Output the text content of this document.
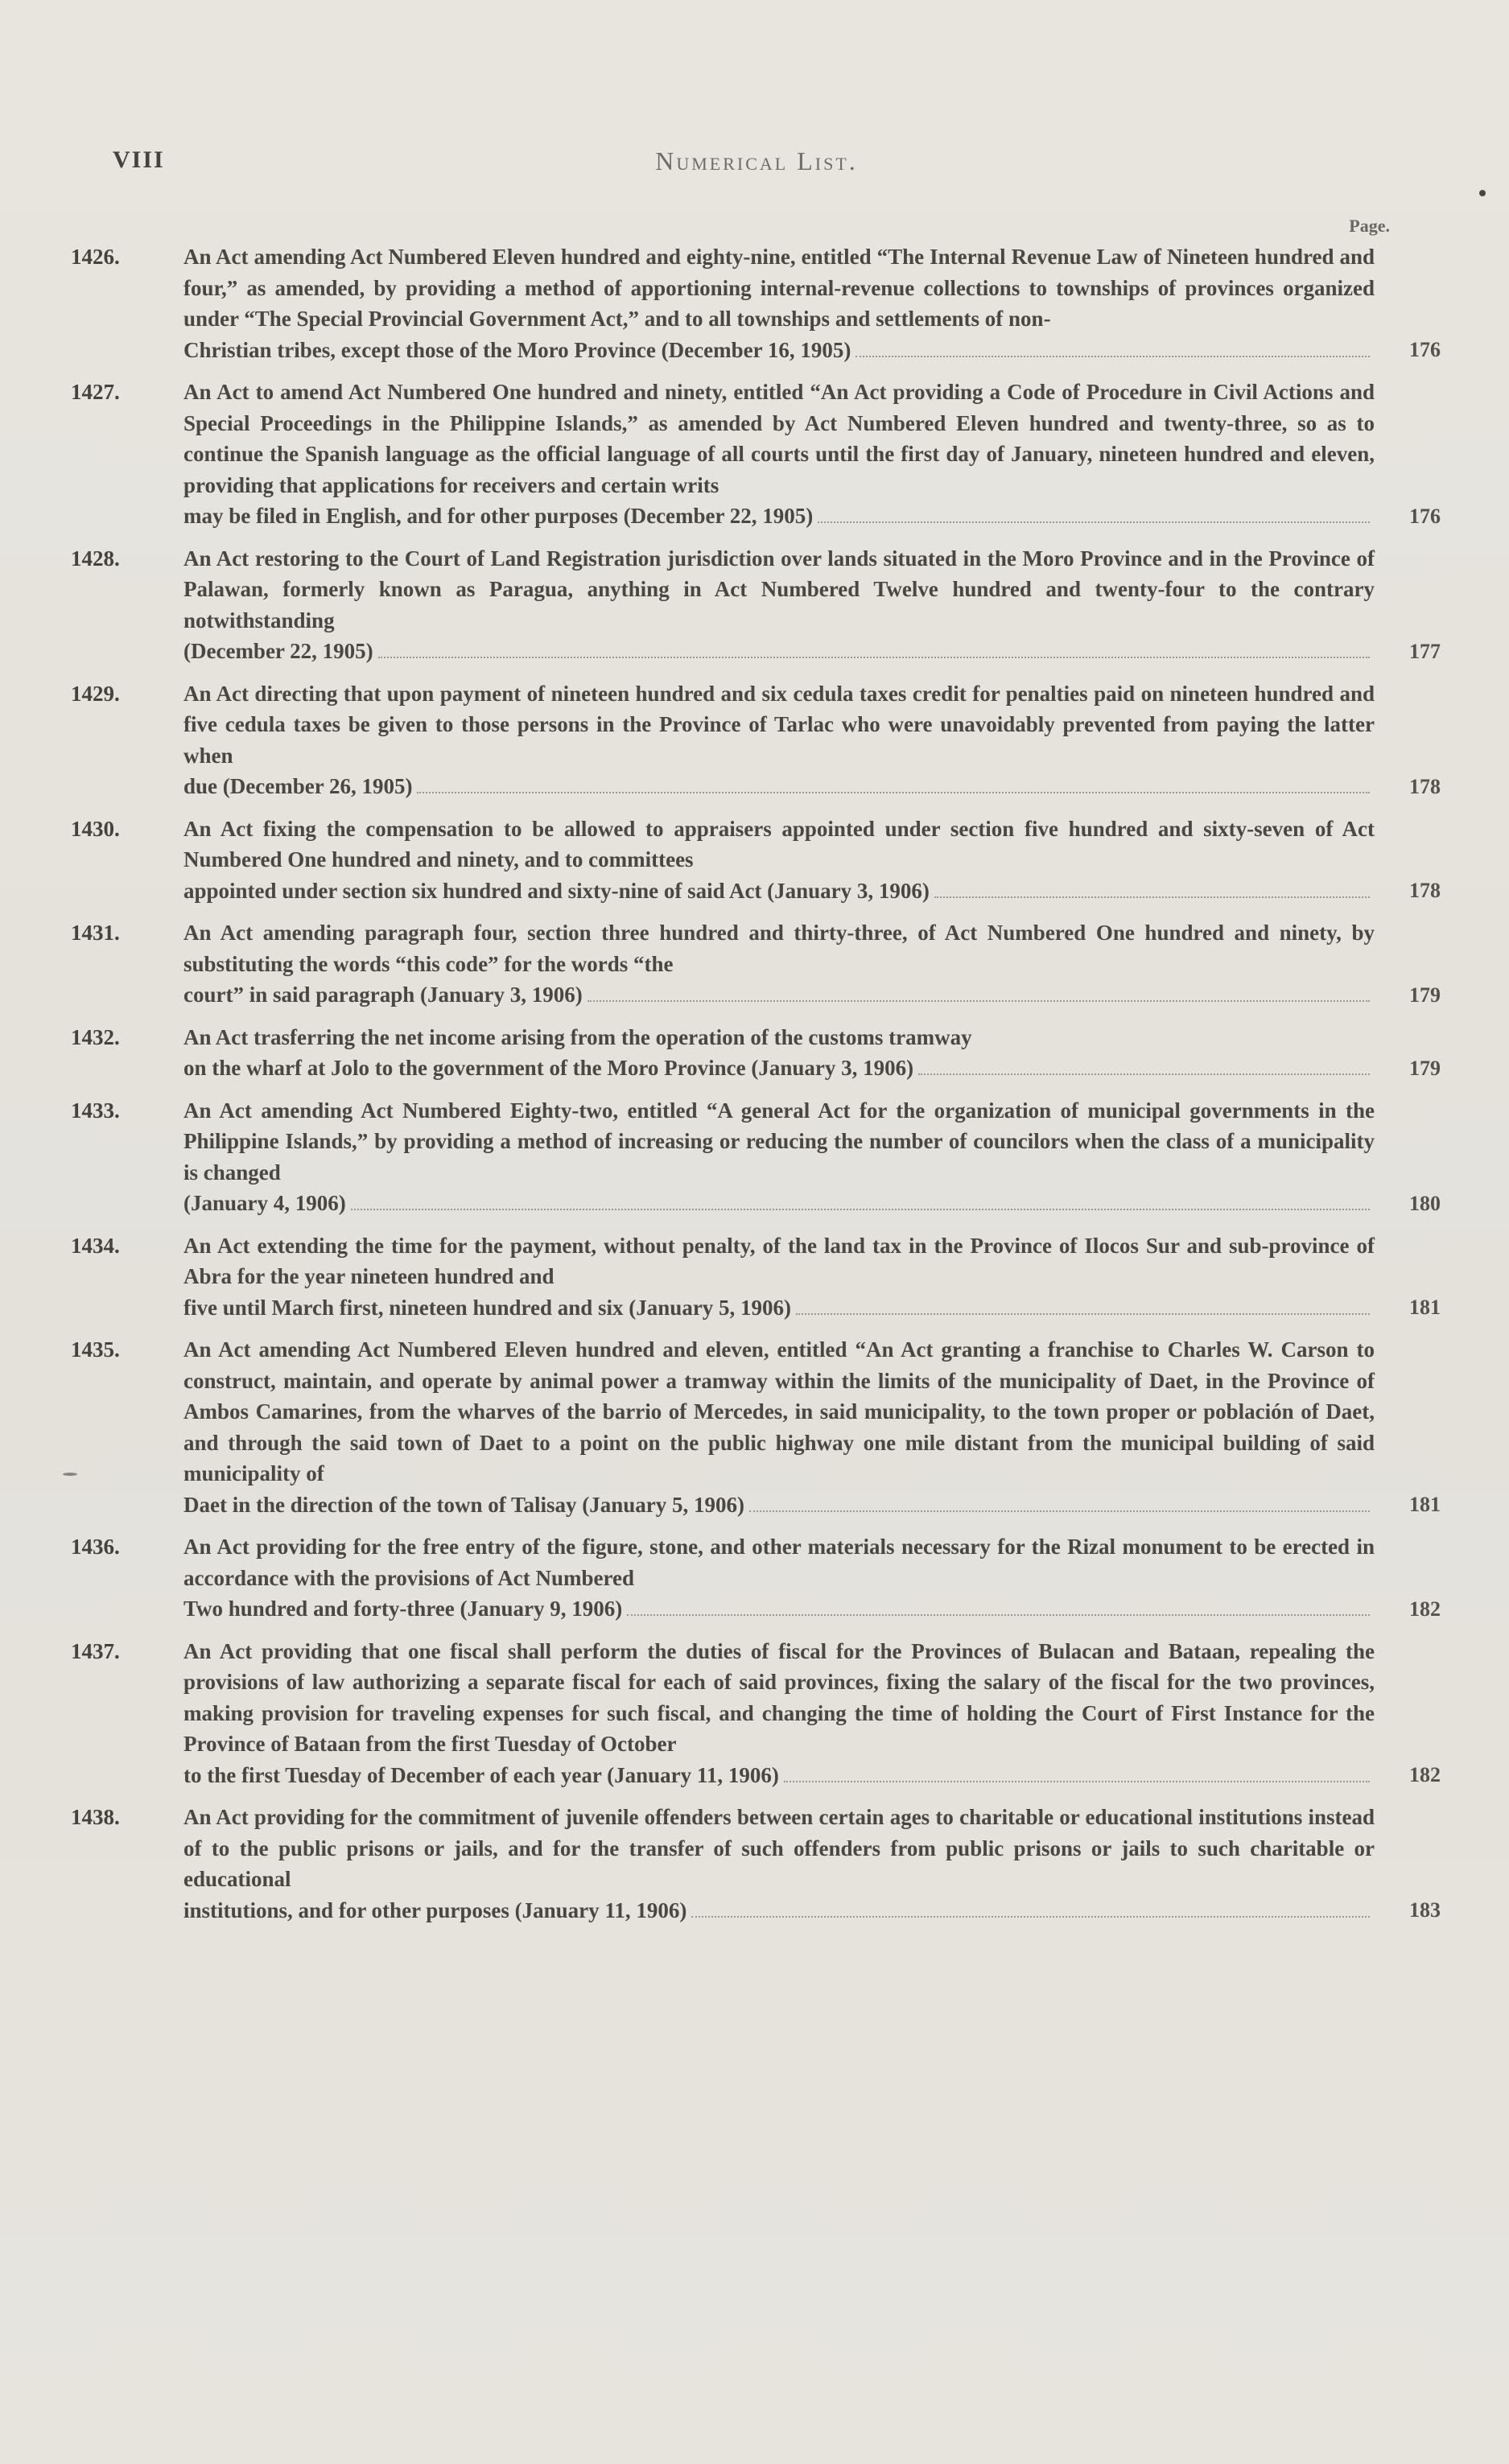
VIII	Numerical List.
Page.
1426.	An Act amending Act Numbered Eleven hundred and eighty-nine, entitled “The Internal Revenue Law of Nineteen hundred and four,” as amended, by providing a method of apportioning internal-revenue collections to townships of provinces organized under “The Special Provincial Government Act,” and to all townships and settlements of non-
Christian tribes, except those of the Moro Province (December 16, 1905)	176
1427.	An Act to amend Act Numbered One hundred and ninety, entitled “An Act providing a Code of Procedure in Civil Actions and Special Proceedings in the Philippine Islands,” as amended by Act Numbered Eleven hundred and twenty-three, so as to continue the Spanish language as the official language of all courts until the first day of January, nineteen hundred and eleven, providing that applications for receivers and certain writs
may be filed in English, and for other purposes (December 22, 1905)	176
1428.	An Act restoring to the Court of Land Registration jurisdiction over lands situated in the Moro Province and in the Province of Palawan, formerly known as Paragua, anything in Act Numbered Twelve hundred and twenty-four to the contrary notwithstanding
(December 22, 1905)	177
1429.	An Act directing that upon payment of nineteen hundred and six cedula taxes credit for penalties paid on nineteen hundred and five cedula taxes be given to those persons in the Province of Tarlac who were unavoidably prevented from paying the latter when
due (December 26, 1905)	178
1430.	An Act fixing the compensation to be allowed to appraisers appointed under section five hundred and sixty-seven of Act Numbered One hundred and ninety, and to committees
appointed under section six hundred and sixty-nine of said Act (January 3, 1906)	178
1431.	An Act amending paragraph four, section three hundred and thirty-three, of Act Numbered One hundred and ninety, by substituting the words “this code” for the words “the
court” in said paragraph (January 3, 1906)	179
1432.	An Act trasferring the net income arising from the operation of the customs tramway
on the wharf at Jolo to the government of the Moro Province (January 3, 1906)	179
1433.	An Act amending Act Numbered Eighty-two, entitled “A general Act for the organization of municipal governments in the Philippine Islands,” by providing a method of increasing or reducing the number of councilors when the class of a municipality is changed
(January 4, 1906)	180
1434.	An Act extending the time for the payment, without penalty, of the land tax in the Province of Ilocos Sur and sub-province of Abra for the year nineteen hundred and
five until March first, nineteen hundred and six (January 5, 1906)	181
1435.	An Act amending Act Numbered Eleven hundred and eleven, entitled “An Act granting a franchise to Charles W. Carson to construct, maintain, and operate by animal power a tramway within the limits of the municipality of Daet, in the Province of Ambos Camarines, from the wharves of the barrio of Mercedes, in said municipality, to the town proper or población of Daet, and through the said town of Daet to a point on the public highway one mile distant from the municipal building of said municipality of
Daet in the direction of the town of Talisay (January 5, 1906)	181
1436.	An Act providing for the free entry of the figure, stone, and other materials necessary for the Rizal monument to be erected in accordance with the provisions of Act Numbered
Two hundred and forty-three (January 9, 1906)	182
1437.	An Act providing that one fiscal shall perform the duties of fiscal for the Provinces of Bulacan and Bataan, repealing the provisions of law authorizing a separate fiscal for each of said provinces, fixing the salary of the fiscal for the two provinces, making provision for traveling expenses for such fiscal, and changing the time of holding the Court of First Instance for the Province of Bataan from the first Tuesday of October
to the first Tuesday of December of each year (January 11, 1906)	182
1438.	An Act providing for the commitment of juvenile offenders between certain ages to charitable or educational institutions instead of to the public prisons or jails, and for the transfer of such offenders from public prisons or jails to such charitable or educational
institutions, and for other purposes (January 11, 1906)	183
